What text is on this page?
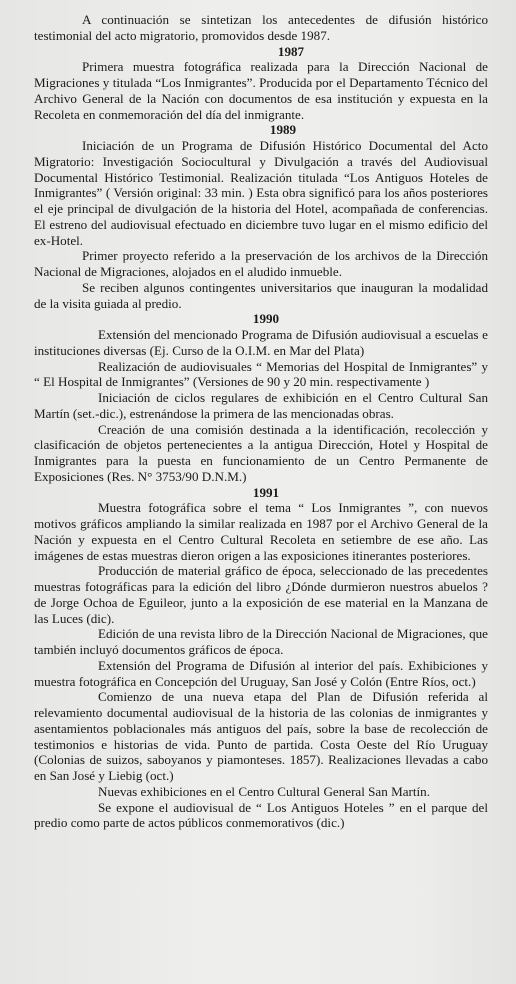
A continuación se sintetizan los antecedentes de difusión histórico testimonial del acto migratorio, promovidos desde 1987.

1987

Primera muestra fotográfica realizada para la Dirección Nacional de Migraciones y titulada “Los Inmigrantes”. Producida por el Departamento Técnico del Archivo General de la Nación con documentos de esa institución y expuesta en la Recoleta en conmemoración del día del inmigrante.

1989

Iniciación de un Programa de Difusión Histórico Documental del Acto Migratorio: Investigación Sociocultural y Divulgación a través del Audiovisual Documental Histórico Testimonial. Realización titulada “Los Antiguos Hoteles de Inmigrantes” ( Versión original: 33 min. ) Esta obra significó para los años posteriores el eje principal de divulgación de la historia del Hotel, acompañada de conferencias. El estreno del audiovisual efectuado en diciembre tuvo lugar en el mismo edificio del ex-Hotel.

Primer proyecto referido a la preservación de los archivos de la Dirección Nacional de Migraciones, alojados en el aludido inmueble.

Se reciben algunos contingentes universitarios que inauguran la modalidad de la visita guiada al predio.

1990

Extensión del mencionado Programa de Difusión audiovisual a escuelas e instituciones diversas (Ej. Curso de la O.I.M. en Mar del Plata)

Realización de audiovisuales “ Memorias del Hospital de Inmigrantes” y “ El Hospital de Inmigrantes” (Versiones de 90 y 20 min. respectivamente )

Iniciación de ciclos regulares de exhibición en el Centro Cultural San Martín (set.-dic.), estrenándose la primera de las mencionadas obras.

Creación de una comisión destinada a la identificación, recolección y clasificación de objetos pertenecientes a la antigua Dirección, Hotel y Hospital de Inmigrantes para la puesta en funcionamiento de un Centro Permanente de Exposiciones (Res. N° 3753/90 D.N.M.)

1991

Muestra fotográfica sobre el tema “ Los Inmigrantes ”, con nuevos motivos gráficos ampliando la similar realizada en 1987 por el Archivo General de la Nación y expuesta en el Centro Cultural Recoleta en setiembre de ese año. Las imágenes de estas muestras dieron origen a las exposiciones itinerantes posteriores.

Producción de material gráfico de época, seleccionado de las precedentes muestras fotográficas para la edición del libro ¿Dónde durmieron nuestros abuelos ? de Jorge Ochoa de Eguileor, junto a la exposición de ese material en la Manzana de las Luces (dic).

Edición de una revista libro de la Dirección Nacional de Migraciones, que también incluyó documentos gráficos de época.

Extensión del Programa de Difusión al interior del país. Exhibiciones y muestra fotográfica en Concepción del Uruguay, San José y Colón (Entre Ríos, oct.)

Comienzo de una nueva etapa del Plan de Difusión referida al relevamiento documental audiovisual de la historia de las colonias de inmigrantes y asentamientos poblacionales más antiguos del país, sobre la base de recolección de testimonios e historias de vida. Punto de partida. Costa Oeste del Río Uruguay (Colonias de suizos, saboyanos y piamonteses. 1857). Realizaciones llevadas a cabo en San José y Liebig (oct.)

Nuevas exhibiciones en el Centro Cultural General San Martín.

Se expone el audiovisual de “ Los Antiguos Hoteles ” en el parque del predio como parte de actos públicos conmemorativos (dic.)
